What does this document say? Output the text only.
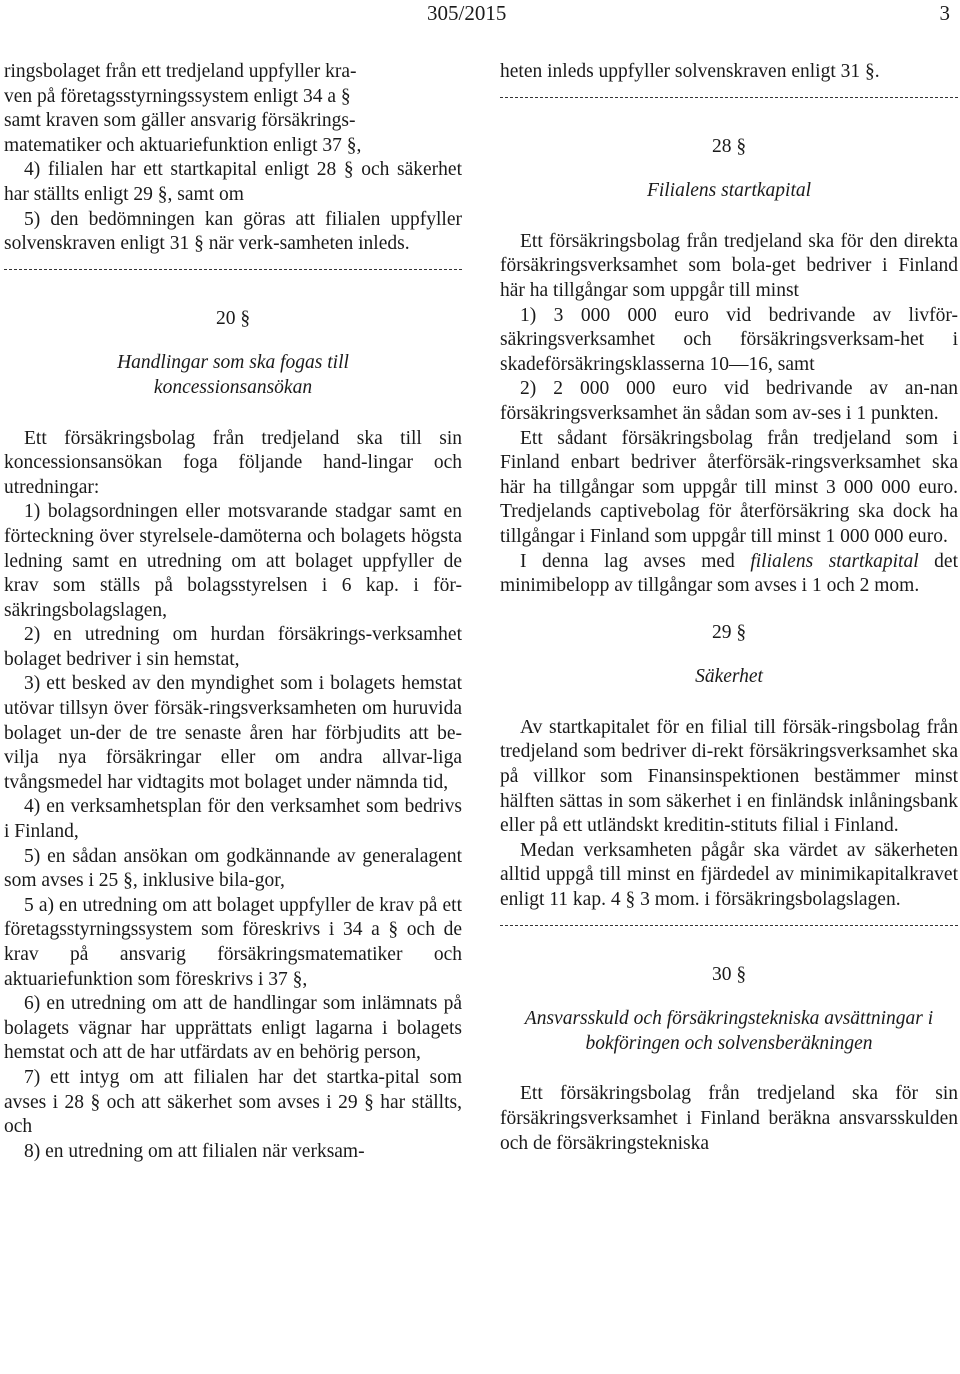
305/2015	3

ringsbolaget från ett tredjeland uppfyller kra-

ven på företagsstyrningssystem enligt 34 a §

samt kraven som gäller ansvarig försäkrings-

matematiker och aktuariefunktion enligt 37 §,

4) filialen har ett startkapital enligt 28 § och säkerhet har ställts enligt 29 §, samt om

5) den bedömningen kan göras att filialen uppfyller solvenskraven enligt 31 § när verk-samheten inleds.

20 §

Handlingar som ska fogas till koncessionsansökan

Ett försäkringsbolag från tredjeland ska till sin koncessionsansökan foga följande hand-lingar och utredningar:

1) bolagsordningen eller motsvarande stadgar samt en förteckning över styrelsele-damöterna och bolagets högsta ledning samt en utredning om att bolaget uppfyller de krav som ställs på bolagsstyrelsen i 6 kap. i för-säkringsbolagslagen,

2) en utredning om hurdan försäkrings-verksamhet bolaget bedriver i sin hemstat,

3) ett besked av den myndighet som i bolagets hemstat utövar tillsyn över försäk-ringsverksamheten om huruvida bolaget un-der de tre senaste åren har förbjudits att be-vilja nya försäkringar eller om andra allvar-liga tvångsmedel har vidtagits mot bolaget under nämnda tid,

4) en verksamhetsplan för den verksamhet som bedrivs i Finland,

5) en sådan ansökan om godkännande av generalagent som avses i 25 §, inklusive bila-gor,

5 a) en utredning om att bolaget uppfyller de krav på ett företagsstyrningssystem som föreskrivs i 34 a § och de krav på ansvarig försäkringsmatematiker och aktuariefunktion som föreskrivs i 37 §,

6) en utredning om att de handlingar som inlämnats på bolagets vägnar har upprättats enligt lagarna i bolagets hemstat och att de har utfärdats av en behörig person,

7) ett intyg om att filialen har det startka-pital som avses i 28 § och att säkerhet som avses i 29 § har ställts, och

8) en utredning om att filialen när verksam-

heten inleds uppfyller solvenskraven enligt 31 §.

28 §

Filialens startkapital

Ett försäkringsbolag från tredjeland ska för den direkta försäkringsverksamhet som bola-get bedriver i Finland här ha tillgångar som uppgår till minst

1) 3 000 000 euro vid bedrivande av livför-säkringsverksamhet och försäkringsverksam-het i skadeförsäkringsklasserna 10—16, samt

2) 2 000 000 euro vid bedrivande av an-nan försäkringsverksamhet än sådan som av-ses i 1 punkten.

Ett sådant försäkringsbolag från tredjeland som i Finland enbart bedriver återförsäk-ringsverksamhet ska här ha tillgångar som uppgår till minst 3 000 000 euro. Tredjelands captivebolag för återförsäkring ska dock ha tillgångar i Finland som uppgår till minst 1 000 000 euro.

I denna lag avses med filialens startkapital det minimibelopp av tillgångar som avses i 1 och 2 mom.

29 §

Säkerhet

Av startkapitalet för en filial till försäk-ringsbolag från tredjeland som bedriver di-rekt försäkringsverksamhet ska på villkor som Finansinspektionen bestämmer minst hälften sättas in som säkerhet i en finländsk inlåningsbank eller på ett utländskt kreditin-stituts filial i Finland.

Medan verksamheten pågår ska värdet av säkerheten alltid uppgå till minst en fjärdedel av minimikapitalkravet enligt 11 kap. 4 § 3 mom. i försäkringsbolagslagen.

30 §

Ansvarsskuld och försäkringstekniska avsättningar i bokföringen och solvensberäkningen

Ett försäkringsbolag från tredjeland ska för sin försäkringsverksamhet i Finland beräkna ansvarsskulden och de försäkringstekniska
